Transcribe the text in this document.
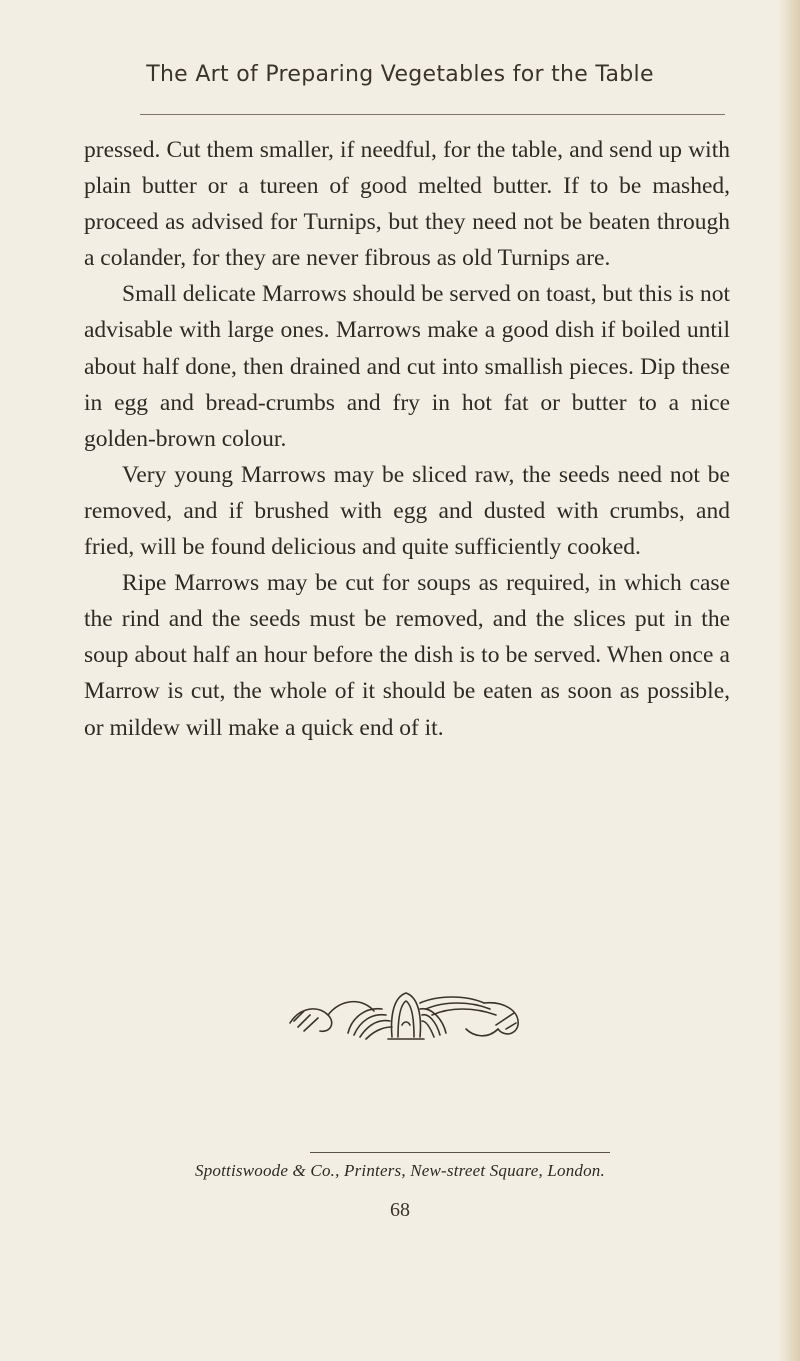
The Art of Preparing Vegetables for the Table

pressed. Cut them smaller, if needful, for the table, and send up with plain butter or a tureen of good melted butter. If to be mashed, proceed as advised for Turnips, but they need not be beaten through a colander, for they are never fibrous as old Turnips are.

Small delicate Marrows should be served on toast, but this is not advisable with large ones. Marrows make a good dish if boiled until about half done, then drained and cut into smallish pieces. Dip these in egg and bread-crumbs and fry in hot fat or butter to a nice golden-brown colour.

Very young Marrows may be sliced raw, the seeds need not be removed, and if brushed with egg and dusted with crumbs, and fried, will be found delicious and quite sufficiently cooked.

Ripe Marrows may be cut for soups as required, in which case the rind and the seeds must be removed, and the slices put in the soup about half an hour before the dish is to be served. When once a Marrow is cut, the whole of it should be eaten as soon as possible, or mildew will make a quick end of it.

Spottiswoode & Co., Printers, New-street Square, London.
68
